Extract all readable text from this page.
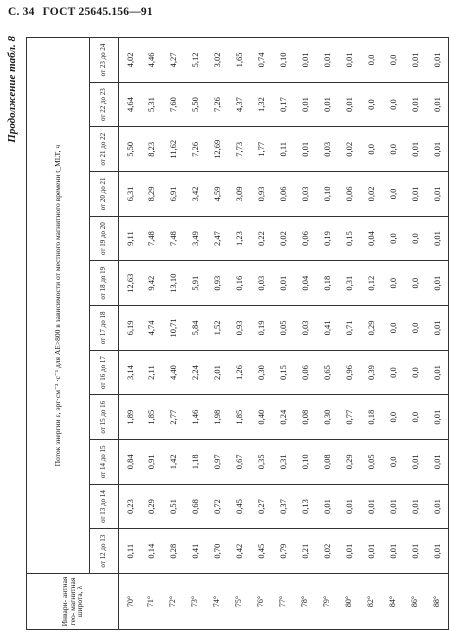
С. 34 ГОСТ 25645.156—91
Продолжение табл. 8
Инвари- антная гео- магнитная широта, λ	Поток энергии ε, эрг·см⁻² ·с⁻¹ для AE>800 в зависимости от местного магнитного времени t_MLT, ч											
	от 12 до 13	от 13 до 14	от 14 до 15	от 15 до 16	от 16 до 17	от 17 до 18	от 18 до 19	от 19 до 20	от 20 до 21	от 21 до 22	от 22 до 23	от 23 до 24
70°	0,11	0,23	0,84	1,89	3,14	6,19	12,63	9,11	6,31	5,50	4,64	4,02
71°	0,14	0,29	0,91	1,85	2,11	4,74	9,42	7,48	8,29	8,23	5,31	4,46
72°	0,28	0,51	1,42	2,77	4,40	10,71	13,10	7,48	6,91	11,62	7,60	4,27
73°	0,41	0,68	1,18	1,46	2,24	5,84	5,91	3,49	3,42	7,26	5,50	5,12
74°	0,70	0,72	0,97	1,98	2,01	1,52	0,93	2,47	4,59	12,69	7,26	3,02
75°	0,42	0,45	0,67	1,85	1,26	0,93	0,16	1,23	3,09	7,73	4,37	1,65
76°	0,45	0,27	0,35	0,40	0,30	0,19	0,03	0,22	0,93	1,77	1,32	0,74
77°	0,79	0,37	0,31	0,24	0,15	0,05	0,01	0,02	0,06	0,11	0,17	0,10
78°	0,21	0,13	0,10	0,08	0,06	0,03	0,04	0,06	0,03	0,01	0,01	0,01
79°	0,02	0,01	0,08	0,30	0,65	0,41	0,18	0,19	0,10	0,03	0,01	0,01
80°	0,01	0,01	0,29	0,77	0,96	0,71	0,31	0,15	0,06	0,02	0,01	0,01
82°	0,01	0,01	0,05	0,18	0,39	0,29	0,12	0,04	0,02	0,0	0,0	0,0
84°	0,01	0,01	0,0	0,0	0,0	0,0	0,0	0,0	0,0	0,0	0,0	0,0
86°	0,01	0,01	0,01	0,0	0,0	0,0	0,0	0,0	0,01	0,01	0,01	0,01
88°	0,01	0,01	0,01	0,01	0,01	0,01	0,01	0,01	0,01	0,01	0,01	0,01
